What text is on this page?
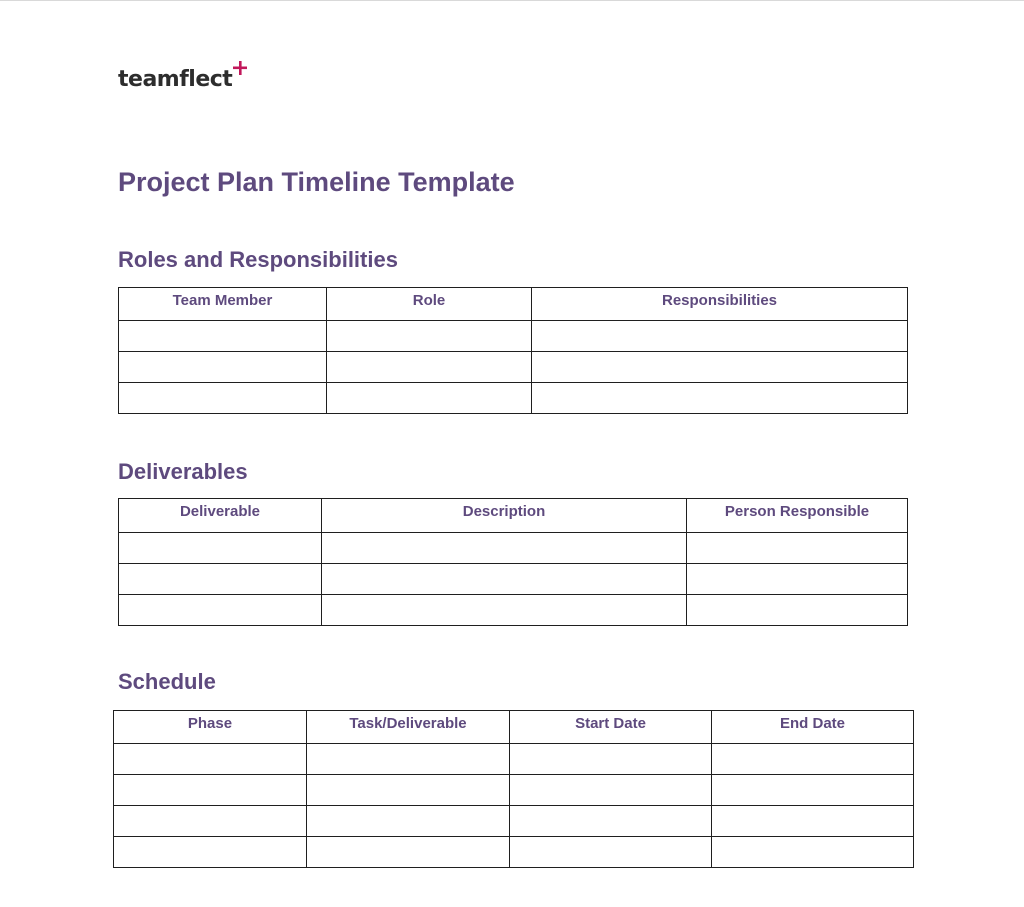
teamflect
Project Plan Timeline Template
Roles and Responsibilities
Team Member	Role	Responsibilities

Deliverables
Deliverable	Description	Person Responsible

Schedule
Phase	Task/Deliverable	Start Date	End Date
